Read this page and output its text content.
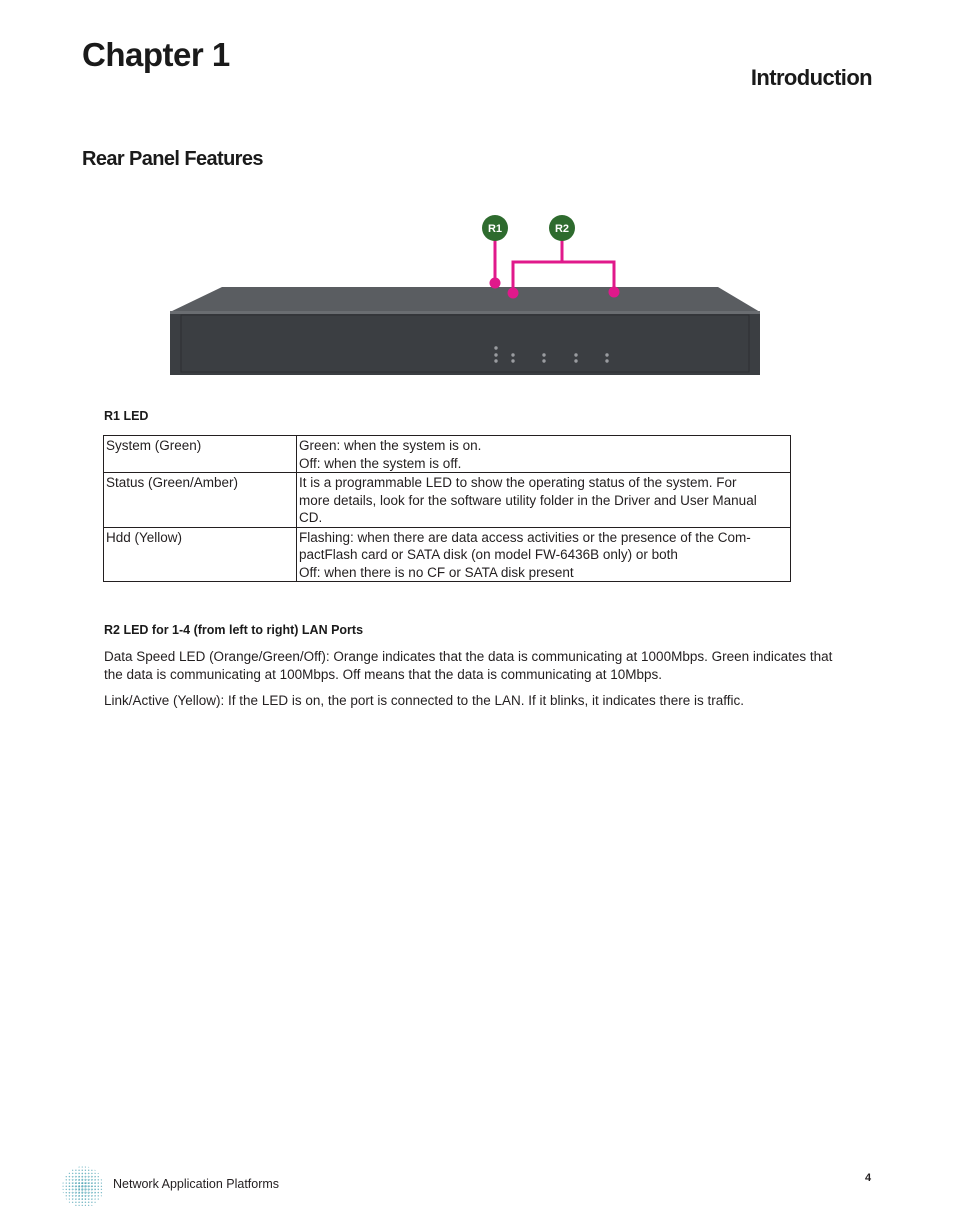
Chapter 1
Introduction
Rear Panel Features
R1	R2
R1 LED
System (Green)	Green: when the system is on.
Off: when the system is off.

Status (Green/Amber)	It is a programmable LED to show the operating status of the system. For
more details, look for the software utility folder in the Driver and User Manual
CD.

Hdd (Yellow)	Flashing: when there are data access activities or the presence of the Com-
pactFlash card or SATA disk (on model FW-6436B only) or both
Off: when there is no CF or SATA disk present
R2 LED for 1-4 (from left to right) LAN Ports
Data Speed LED (Orange/Green/Off): Orange indicates that the data is communicating at 1000Mbps. Green indicates that
the data is communicating at 100Mbps. Off means that the data is communicating at 10Mbps.
Link/Active (Yellow): If the LED is on, the port is connected to the LAN. If it blinks, it indicates there is traffic.
Network Application Platforms	4
